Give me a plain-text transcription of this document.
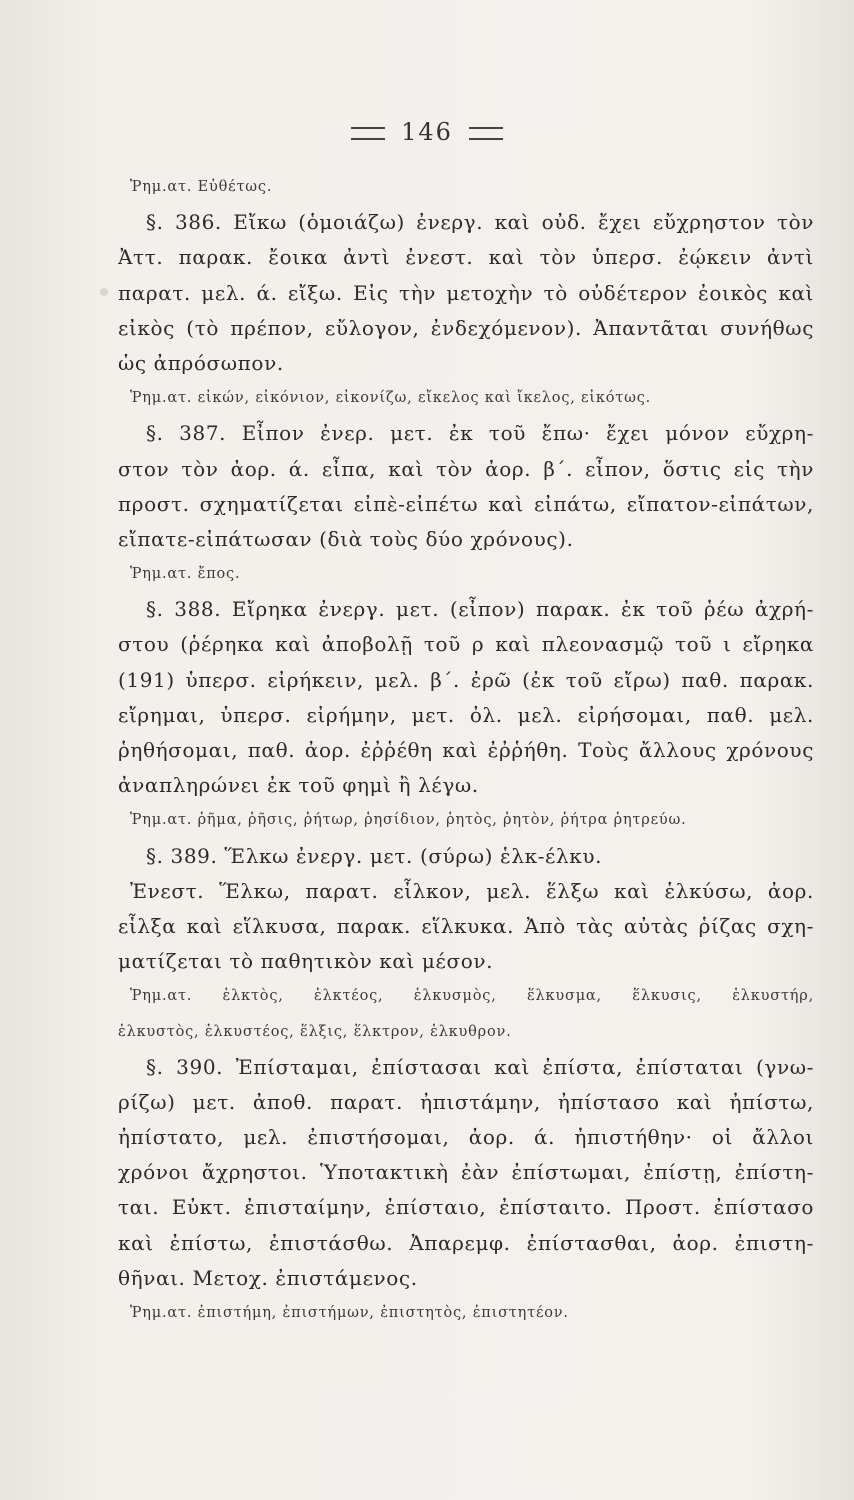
146
Ῥημ.ατ. Εὐθέτως.
§. 386. Εἴκω (ὁμοιάζω) ἐνεργ. καὶ οὐδ. ἔχει εὔχρηστον τὸν
Ἀττ. παρακ. ἔοικα ἀντὶ ἐνεστ. καὶ τὸν ὑπερσ. ἐῴκειν ἀντὶ
παρατ. μελ. ά. εἴξω. Εἰς τὴν μετοχὴν τὸ οὐδέτερον ἐοικὸς καὶ
εἰκὸς (τὸ πρέπον, εὔλογον, ἐνδεχόμενον). Ἀπαντᾶται συνήθως
ὡς ἀπρόσωπον.
Ῥημ.ατ. εἰκών, εἰκόνιον, εἰκονίζω, εἴκελος καὶ ἴκελος, εἰκότως.
§. 387. Εἶπον ἐνερ. μετ. ἐκ τοῦ ἔπω· ἔχει μόνον εὔχρη-
στον τὸν ἀορ. ά. εἶπα, καὶ τὸν ἀορ. β΄. εἶπον, ὅστις εἰς τὴν
προστ. σχηματίζεται εἰπὲ-εἰπέτω καὶ εἰπάτω, εἴπατον-εἰπάτων,
εἴπατε-εἰπάτωσαν (διὰ τοὺς δύο χρόνους).
Ῥημ.ατ. ἔπος.
§. 388. Εἴρηκα ἐνεργ. μετ. (εἶπον) παρακ. ἐκ τοῦ ῥέω ἀχρή-
στου (ῥέρηκα καὶ ἀποβολῇ τοῦ ρ καὶ πλεονασμῷ τοῦ ι εἴρηκα
(191) ὑπερσ. εἰρήκειν, μελ. β΄. ἐρῶ (ἐκ τοῦ εἴρω) παθ. παρακ.
εἴρημαι, ὑπερσ. εἰρήμην, μετ. ὀλ. μελ. εἰρήσομαι, παθ. μελ.
ῥηθήσομαι, παθ. ἀορ. ἐῤῥέθη καὶ ἐῤῥήθη. Τοὺς ἄλλους χρόνους
ἀναπληρώνει ἐκ τοῦ φημὶ ἢ λέγω.
Ῥημ.ατ. ῥῆμα, ῥῆσις, ῥήτωρ, ῥησίδιον, ῥητὸς, ῥητὸν, ῥήτρα ῥητρεύω.
§. 389. Ἕλκω ἐνεργ. μετ. (σύρω) ἑλκ-έλκυ.
Ἐνεστ. Ἕλκω, παρατ. εἷλκον, μελ. ἕλξω καὶ ἑλκύσω, ἀορ.
εἷλξα καὶ εἵλκυσα, παρακ. εἵλκυκα. Ἀπὸ τὰς αὐτὰς ῥίζας σχη-
ματίζεται τὸ παθητικὸν καὶ μέσον.
Ῥημ.ατ. ἑλκτὸς, ἑλκτέος, ἑλκυσμὸς, ἕλκυσμα, ἕλκυσις, ἑλκυστήρ,
ἑλκυστὸς, ἑλκυστέος, ἕλξις, ἕλκτρον, ἑλκυθρον.
§. 390. Ἐπίσταμαι, ἐπίστασαι καὶ ἐπίστα, ἐπίσταται (γνω-
ρίζω) μετ. ἀποθ. παρατ. ἠπιστάμην, ἠπίστασο καὶ ἠπίστω,
ἠπίστατο, μελ. ἐπιστήσομαι, ἀορ. ά. ἠπιστήθην· οἱ ἄλλοι
χρόνοι ἄχρηστοι. Ὑποτακτικὴ ἐὰν ἐπίστωμαι, ἐπίστῃ, ἐπίστη-
ται. Εὐκτ. ἐπισταίμην, ἐπίσταιο, ἐπίσταιτο. Προστ. ἐπίστασο
καὶ ἐπίστω, ἐπιστάσθω. Ἀπαρεμφ. ἐπίστασθαι, ἀορ. ἐπιστη-
θῆναι. Μετοχ. ἐπιστάμενος.
Ῥημ.ατ. ἐπιστήμη, ἐπιστήμων, ἐπιστητὸς, ἐπιστητέον.
